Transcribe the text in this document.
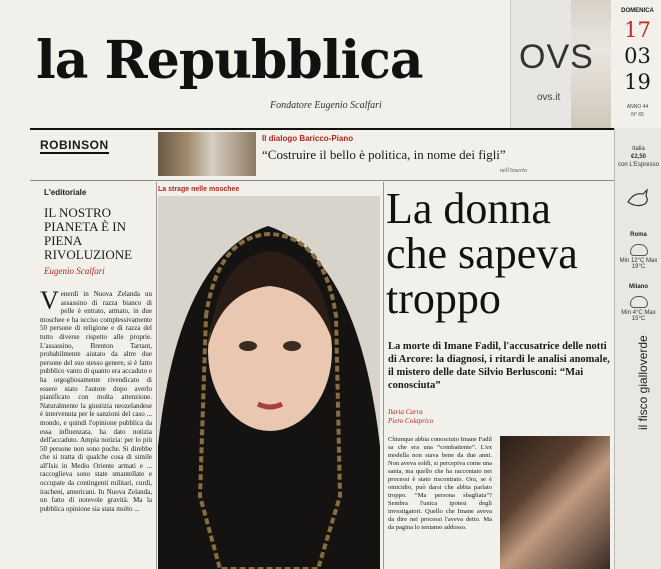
la Repubblica
Fondatore Eugenio Scalfari
OVS
ovs.it
DOMENICA
17
03
19
ANNO 44
N° 65
ROBINSON	Il dialogo Baricco-Piano
“Costruire il bello è politica, in nome dei figli”
nell'inserto
Italia
€2,50
con L'Espresso
Roma
Min 12°C Max 19°C
Milano
Min 4°C Max 15°C
il fisco gialloverde
L'editoriale
IL NOSTRO PIANETA È IN PIENA RIVOLUZIONE
Eugenio Scalfari
Venerdì in Nuova Zelanda un assassino di razza bianco di pelle è entrato, armato, in due moschee e ha ucciso complessivamente 50 persone di religione e di razza del tutto diverse rispetto alle proprie. L'assassino, Brenton Tarrant, probabilmente aiutato da altre due persone del suo stesso genere, si è fatto pubblico vanto di quanto era accaduto e ha orgogliosamente rivendicato di essere stato l'autore dopo averlo pianificato con molta attenzione. Naturalmente la giustizia neozelandese è intervenuta per le sanzioni del caso ... mondo, e quindi l'opinione pubblica da essa influenzata, ha dato notizia dell'accaduto. Ampia notizia: per lo più 50 persone non sono poche. Si direbbe che si tratta di qualche cosa di simile all'Isis in Medio Oriente armati e ... raccoglieva sono state smantellate e occupate da contingenti militari, curdi, iracheni, americani. In Nuova Zelanda, un fatto di notevole gravità. Ma la pubblica opinione sia stata molto ...
La strage nelle moschee	La donna che sapeva troppo
La morte di Imane Fadil, l'accusatrice delle notti di Arcore: la diagnosi, i ritardi le analisi anomale, il mistero delle date Silvio Berlusconi: “Mai conosciuta”
Ilaria Carra
Piero Colaprico
Chiunque abbia conosciuto Imane Fadil sa che era una “combattente”. L'ex modella non stava bene da due anni. Non aveva soldi, si percepiva come una santa, ma quello che ha raccontato nei processi è stato riscontrato. Ora, se è omicidio, può darsi che abbia parlato troppo. “Ma persona sbagliata”? Sembra l'unica ipotesi degli investigatori. Quello che Imane aveva da dire nei processi l'aveva detto. Ma da pagina lo teniamo addosso.
